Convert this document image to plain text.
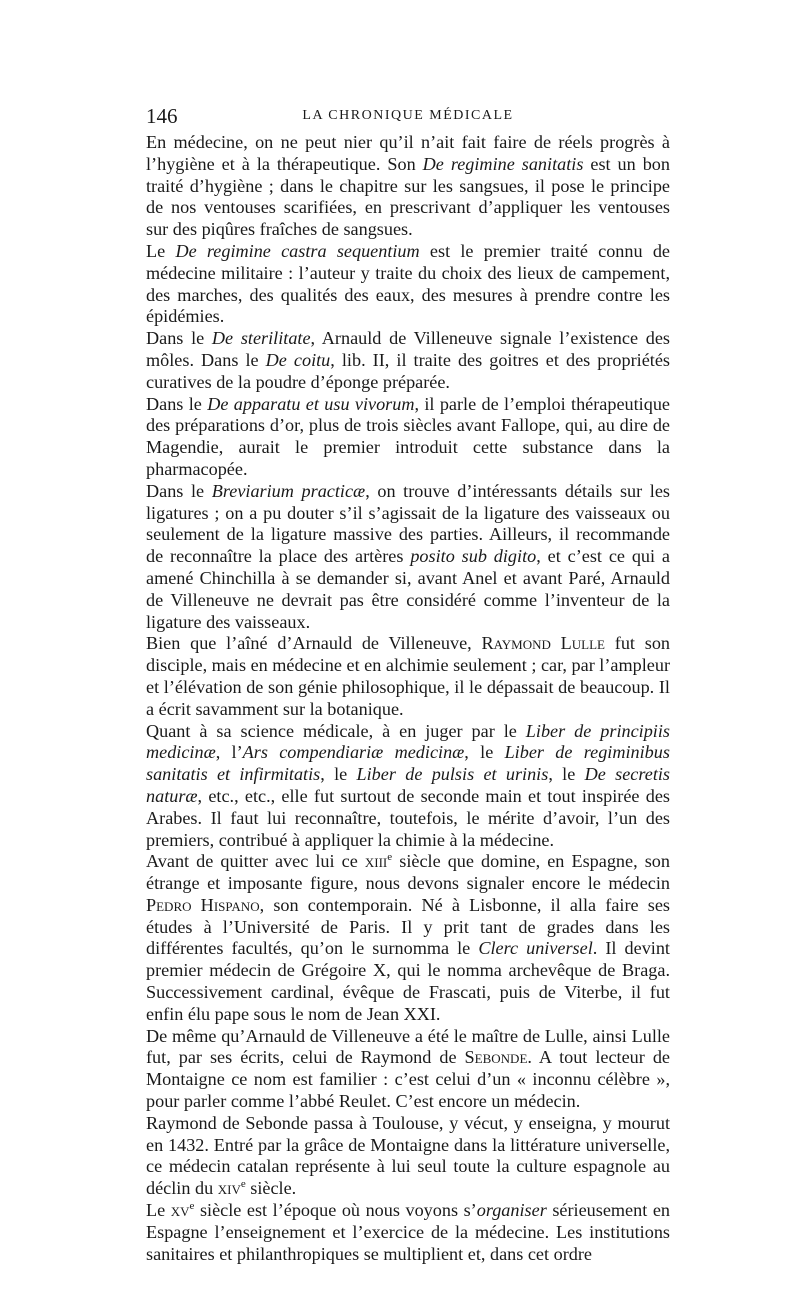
146	LA CHRONIQUE MÉDICALE

En médecine, on ne peut nier qu’il n’ait fait faire de réels progrès à l’hygiène et à la thérapeutique. Son De regimine sanitatis est un bon traité d’hygiène ; dans le chapitre sur les sangsues, il pose le principe de nos ventouses scarifiées, en prescrivant d’appliquer les ventouses sur des piqûres fraîches de sangsues.

Le De regimine castra sequentium est le premier traité connu de médecine militaire : l’auteur y traite du choix des lieux de campement, des marches, des qualités des eaux, des mesures à prendre contre les épidémies.

Dans le De sterilitate, Arnauld de Villeneuve signale l’existence des môles. Dans le De coitu, lib. II, il traite des goitres et des propriétés curatives de la poudre d’éponge préparée.

Dans le De apparatu et usu vivorum, il parle de l’emploi thérapeutique des préparations d’or, plus de trois siècles avant Fallope, qui, au dire de Magendie, aurait le premier introduit cette substance dans la pharmacopée.

Dans le Breviarium practicæ, on trouve d’intéressants détails sur les ligatures ; on a pu douter s’il s’agissait de la ligature des vaisseaux ou seulement de la ligature massive des parties. Ailleurs, il recommande de reconnaître la place des artères posito sub digito, et c’est ce qui a amené Chinchilla à se demander si, avant Anel et avant Paré, Arnauld de Villeneuve ne devrait pas être considéré comme l’inventeur de la ligature des vaisseaux.

Bien que l’aîné d’Arnauld de Villeneuve, Raymond Lulle fut son disciple, mais en médecine et en alchimie seulement ; car, par l’ampleur et l’élévation de son génie philosophique, il le dépassait de beaucoup. Il a écrit savamment sur la botanique.

Quant à sa science médicale, à en juger par le Liber de principiis medicinæ, l’Ars compendiariæ medicinæ, le Liber de regiminibus sanitatis et infirmitatis, le Liber de pulsis et urinis, le De secretis naturæ, etc., etc., elle fut surtout de seconde main et tout inspirée des Arabes. Il faut lui reconnaître, toutefois, le mérite d’avoir, l’un des premiers, contribué à appliquer la chimie à la médecine.

Avant de quitter avec lui ce xiii$^e$ siècle que domine, en Espagne, son étrange et imposante figure, nous devons signaler encore le médecin Pedro Hispano, son contemporain. Né à Lisbonne, il alla faire ses études à l’Université de Paris. Il y prit tant de grades dans les différentes facultés, qu’on le surnomma le Clerc universel. Il devint premier médecin de Grégoire X, qui le nomma archevêque de Braga. Successivement cardinal, évêque de Frascati, puis de Viterbe, il fut enfin élu pape sous le nom de Jean XXI.

De même qu’Arnauld de Villeneuve a été le maître de Lulle, ainsi Lulle fut, par ses écrits, celui de Raymond de Sebonde. A tout lecteur de Montaigne ce nom est familier : c’est celui d’un « inconnu célèbre », pour parler comme l’abbé Reulet. C’est encore un médecin.

Raymond de Sebonde passa à Toulouse, y vécut, y enseigna, y mourut en 1432. Entré par la grâce de Montaigne dans la littérature universelle, ce médecin catalan représente à lui seul toute la culture espagnole au déclin du xiv$^e$ siècle.

Le $xv^e$ siècle est l’époque où nous voyons s’organiser sérieusement en Espagne l’enseignement et l’exercice de la médecine. Les institutions sanitaires et philanthropiques se multiplient et, dans cet ordre
